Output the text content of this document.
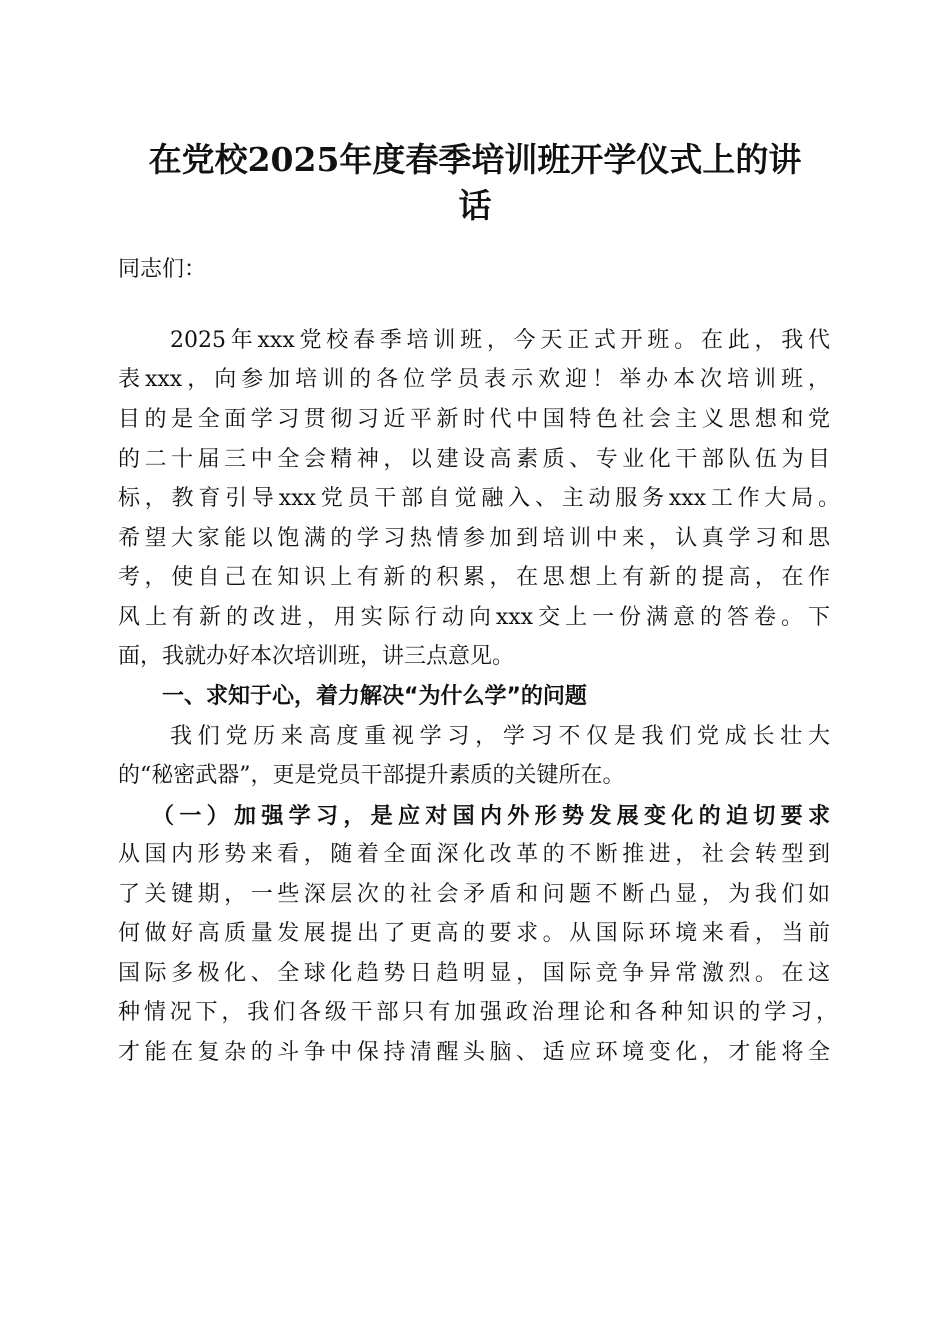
在党校2025年度春季培训班开学仪式上的讲
话
同志们：
2025年xxx党校春季培训班，今天正式开班。在此，我代
表xxx，向参加培训的各位学员表示欢迎！举办本次培训班，
目的是全面学习贯彻习近平新时代中国特色社会主义思想和党
的二十届三中全会精神，以建设高素质、专业化干部队伍为目
标，教育引导xxx党员干部自觉融入、主动服务xxx工作大局。
希望大家能以饱满的学习热情参加到培训中来，认真学习和思
考，使自己在知识上有新的积累，在思想上有新的提高，在作
风上有新的改进，用实际行动向xxx交上一份满意的答卷。下
面，我就办好本次培训班，讲三点意见。
一、求知于心，着力解决“为什么学”的问题
我们党历来高度重视学习，学习不仅是我们党成长壮大
的“秘密武器”，更是党员干部提升素质的关键所在。
（一）加强学习，是应对国内外形势发展变化的迫切要求
从国内形势来看，随着全面深化改革的不断推进，社会转型到
了关键期，一些深层次的社会矛盾和问题不断凸显，为我们如
何做好高质量发展提出了更高的要求。从国际环境来看，当前
国际多极化、全球化趋势日趋明显，国际竞争异常激烈。在这
种情况下，我们各级干部只有加强政治理论和各种知识的学习，
才能在复杂的斗争中保持清醒头脑、适应环境变化，才能将全
